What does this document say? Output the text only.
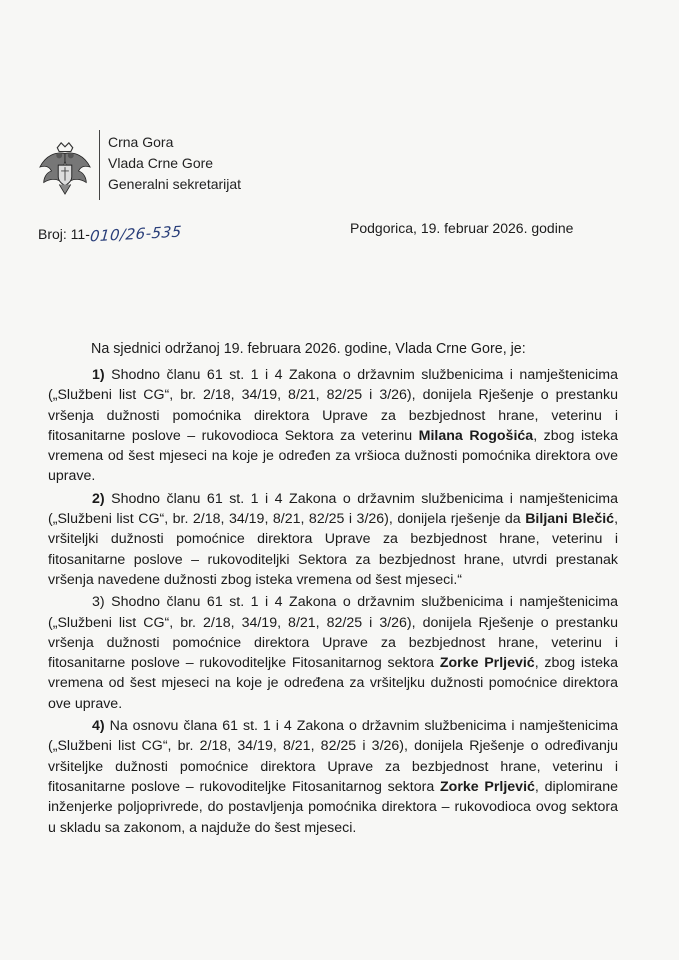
Crna Gora
Vlada Crne Gore
Generalni sekretarijat
Broj: 11-010/26-535	Podgorica, 19. februar 2026. godine
Na sjednici održanoj 19. februara 2026. godine, Vlada Crne Gore, je:

1) Shodno članu 61 st. 1 i 4 Zakona o državnim službenicima i namještenicima („Službeni list CG“, br. 2/18, 34/19, 8/21, 82/25 i 3/26), donijela Rješenje o prestanku vršenja dužnosti pomoćnika direktora Uprave za bezbjednost hrane, veterinu i fitosanitarne poslove – rukovodioca Sektora za veterinu Milana Rogošića, zbog isteka vremena od šest mjeseci na koje je određen za vršioca dužnosti pomoćnika direktora ove uprave.

2) Shodno članu 61 st. 1 i 4 Zakona o državnim službenicima i namještenicima („Službeni list CG“, br. 2/18, 34/19, 8/21, 82/25 i 3/26), donijela rješenje da Biljani Blečić, vršiteljki dužnosti pomoćnice direktora Uprave za bezbjednost hrane, veterinu i fitosanitarne poslove – rukovoditeljki Sektora za bezbjednost hrane, utvrdi prestanak vršenja navedene dužnosti zbog isteka vremena od šest mjeseci.“

3) Shodno članu 61 st. 1 i 4 Zakona o državnim službenicima i namještenicima („Službeni list CG“, br. 2/18, 34/19, 8/21, 82/25 i 3/26), donijela Rješenje o prestanku vršenja dužnosti pomoćnice direktora Uprave za bezbjednost hrane, veterinu i fitosanitarne poslove – rukovoditeljke Fitosanitarnog sektora Zorke Prljević, zbog isteka vremena od šest mjeseci na koje je određena za vršiteljku dužnosti pomoćnice direktora ove uprave.

4) Na osnovu člana 61 st. 1 i 4 Zakona o državnim službenicima i namještenicima („Službeni list CG“, br. 2/18, 34/19, 8/21, 82/25 i 3/26), donijela Rješenje o određivanju vršiteljke dužnosti pomoćnice direktora Uprave za bezbjednost hrane, veterinu i fitosanitarne poslove – rukovoditeljke Fitosanitarnog sektora Zorke Prljević, diplomirane inženjerke poljoprivrede, do postavljenja pomoćnika direktora – rukovodioca ovog sektora u skladu sa zakonom, a najduže do šest mjeseci.
